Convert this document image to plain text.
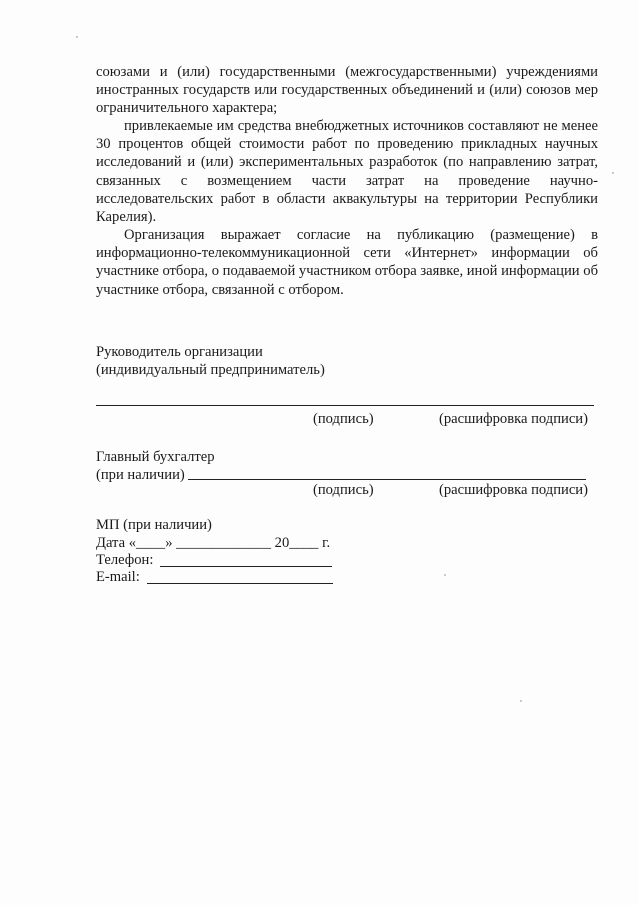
союзами и (или) государственными (межгосударственными) учреждениями иностранных государств или государственных объединений и (или) союзов мер ограничительного характера;

привлекаемые им средства внебюджетных источников составляют не менее 30 процентов общей стоимости работ по проведению прикладных научных исследований и (или) экспериментальных разработок (по направлению затрат, связанных с возмещением части затрат на проведение научно-исследовательских работ в области аквакультуры на территории Республики Карелия).

Организация выражает согласие на публикацию (размещение) в информационно-телекоммуникационной сети «Интернет» информации об участнике отбора, о подаваемой участником отбора заявке, иной информации об участнике отбора, связанной с отбором.

Руководитель организации

(индивидуальный предприниматель)

(подпись)	(расшифровка подписи)

Главный бухгалтер

(при наличии)

(подпись)	(расшифровка подписи)

МП (при наличии)

Дата «____» _____________ 20____ г.

Телефон:

E-mail:
